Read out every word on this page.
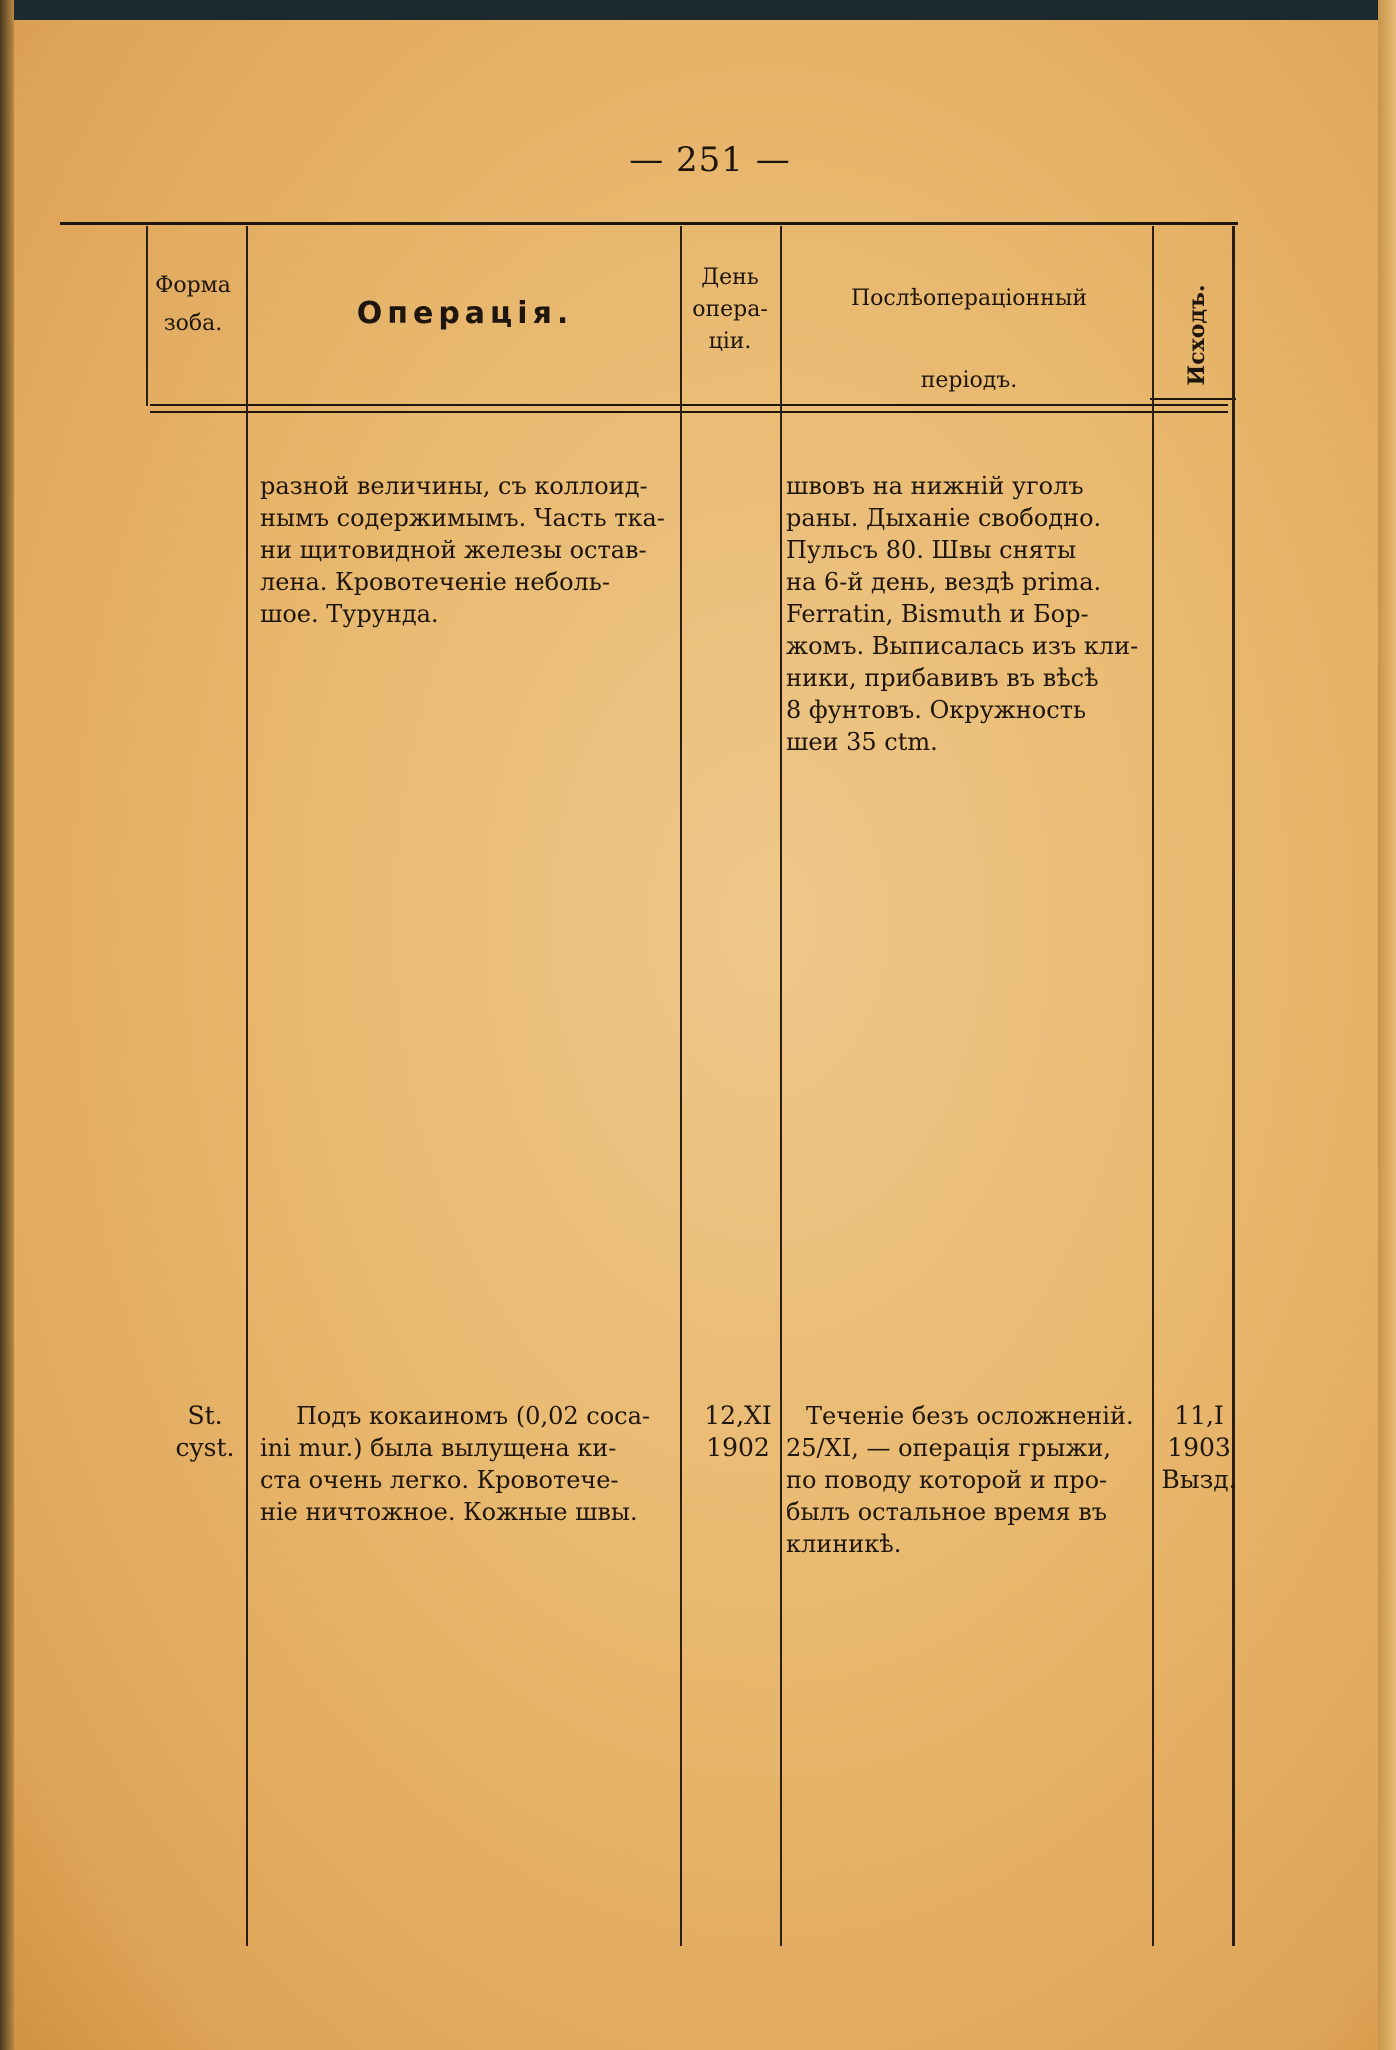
— 251 —
Форма
зоба.	Операція.
День
опера-
ціи.
Послѣопераціонный
періодъ.	Исходъ.
разной величины, съ коллоид-
нымъ содержимымъ. Часть тка-
ни щитовидной железы остав-
лена. Кровотеченіе неболь-
шое. Турунда.
швовъ на нижній уголъ
раны. Дыханіе свободно.
Пульсъ 80. Швы сняты
на 6-й день, вездѣ prima.
Ferratin, Bismuth и Бор-
жомъ. Выписалась изъ кли-
ники, прибавивъ въ вѣсѣ
8 фунтовъ. Окружность
шеи 35 ctm.
St.
cyst.
Подъ кокаиномъ (0,02 coca-
ini mur.) была вылущена ки-
ста очень легко. Кровотече-
ніе ничтожное. Кожные швы.
12,XI
1902
Теченіе безъ осложненій.
25/XI, — операція грыжи,
по поводу которой и про-
былъ остальное время въ
клиникѣ.
11,I
1903
Вызд.
